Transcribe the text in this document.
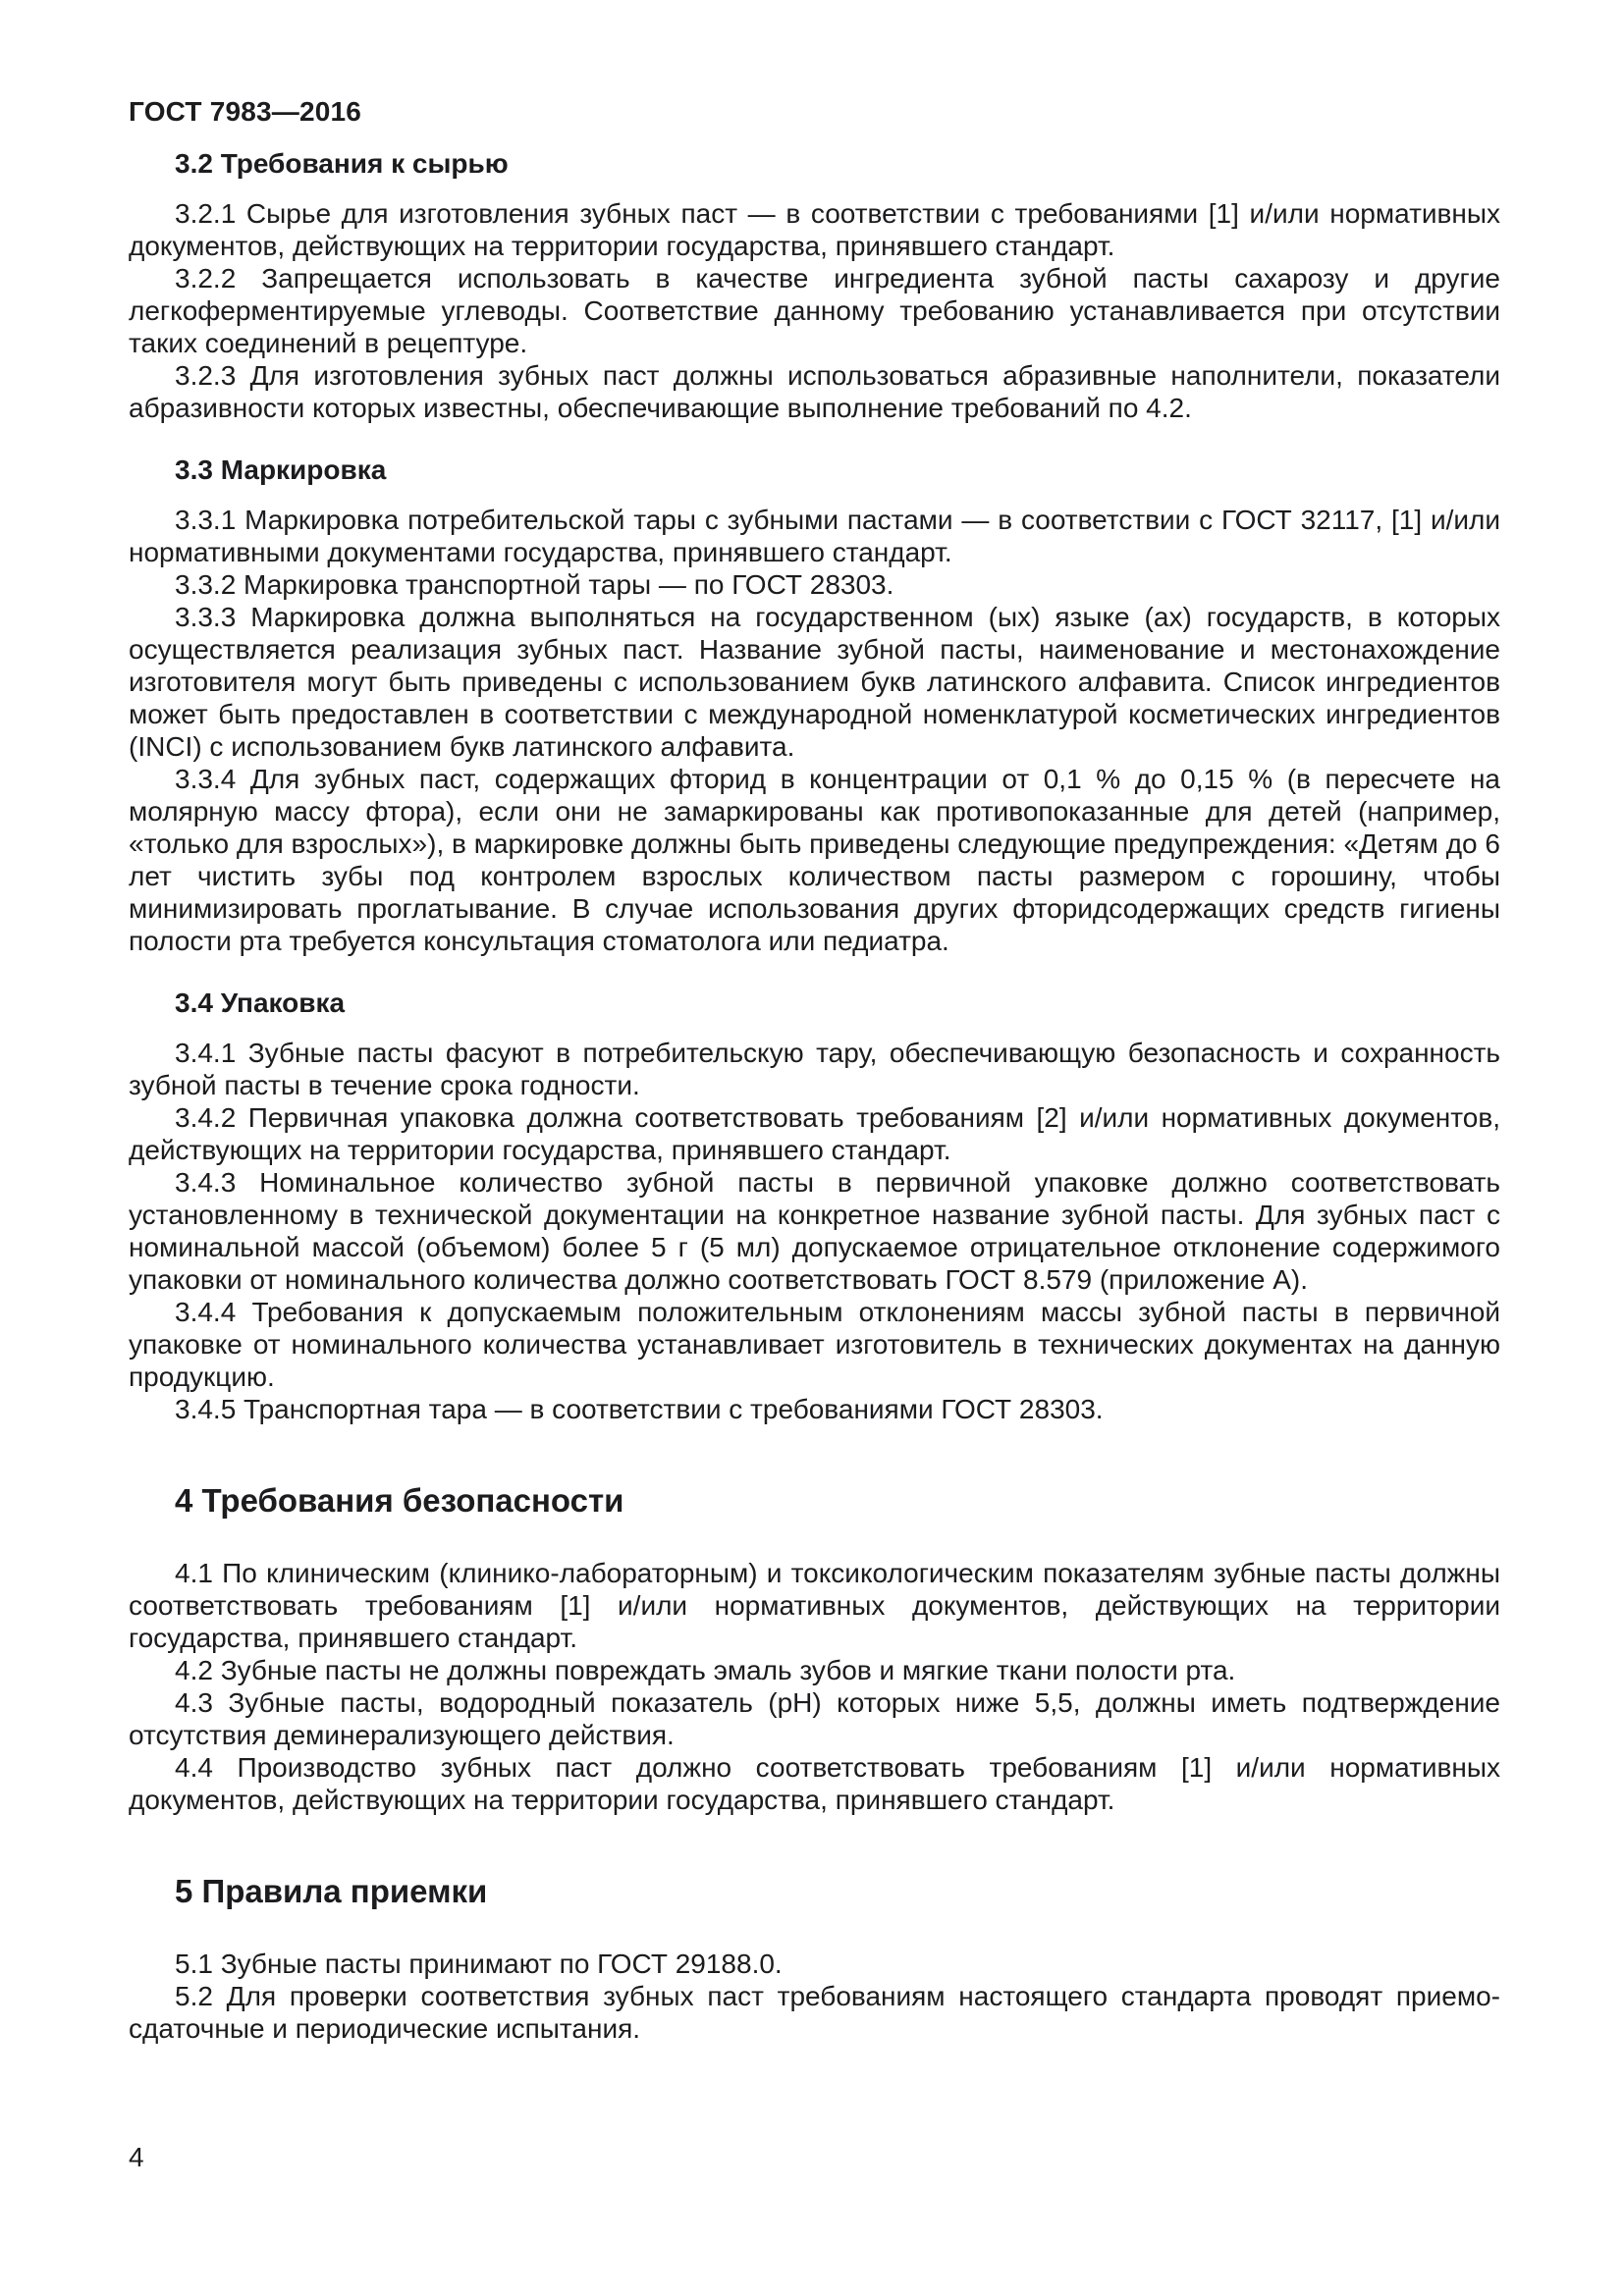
ГОСТ 7983—2016
3.2 Требования к сырью

3.2.1 Сырье для изготовления зубных паст — в соответствии с требованиями [1] и/или нормативных документов, действующих на территории государства, принявшего стандарт.

3.2.2 Запрещается использовать в качестве ингредиента зубной пасты сахарозу и другие легкоферментируемые углеводы. Соответствие данному требованию устанавливается при отсутствии таких соединений в рецептуре.

3.2.3 Для изготовления зубных паст должны использоваться абразивные наполнители, показатели абразивности которых известны, обеспечивающие выполнение требований по 4.2.

3.3 Маркировка

3.3.1 Маркировка потребительской тары с зубными пастами — в соответствии с ГОСТ 32117, [1] и/или нормативными документами государства, принявшего стандарт.

3.3.2 Маркировка транспортной тары — по ГОСТ 28303.

3.3.3 Маркировка должна выполняться на государственном (ых) языке (ах) государств, в которых осуществляется реализация зубных паст. Название зубной пасты, наименование и местонахождение изготовителя могут быть приведены с использованием букв латинского алфавита. Список ингредиентов может быть предоставлен в соответствии с международной номенклатурой косметических ингредиентов (INCI) с использованием букв латинского алфавита.

3.3.4 Для зубных паст, содержащих фторид в концентрации от 0,1 % до 0,15 % (в пересчете на молярную массу фтора), если они не замаркированы как противопоказанные для детей (например, «только для взрослых»), в маркировке должны быть приведены следующие предупреждения: «Детям до 6 лет чистить зубы под контролем взрослых количеством пасты размером с горошину, чтобы минимизировать проглатывание. В случае использования других фторидсодержащих средств гигиены полости рта требуется консультация стоматолога или педиатра.

3.4 Упаковка

3.4.1 Зубные пасты фасуют в потребительскую тару, обеспечивающую безопасность и сохранность зубной пасты в течение срока годности.

3.4.2 Первичная упаковка должна соответствовать требованиям [2] и/или нормативных документов, действующих на территории государства, принявшего стандарт.

3.4.3 Номинальное количество зубной пасты в первичной упаковке должно соответствовать установленному в технической документации на конкретное название зубной пасты. Для зубных паст с номинальной массой (объемом) более 5 г (5 мл) допускаемое отрицательное отклонение содержимого упаковки от номинального количества должно соответствовать ГОСТ 8.579 (приложение А).

3.4.4 Требования к допускаемым положительным отклонениям массы зубной пасты в первичной упаковке от номинального количества устанавливает изготовитель в технических документах на данную продукцию.

3.4.5 Транспортная тара — в соответствии с требованиями ГОСТ 28303.

4 Требования безопасности

4.1 По клиническим (клинико-лабораторным) и токсикологическим показателям зубные пасты должны соответствовать требованиям [1] и/или нормативных документов, действующих на территории государства, принявшего стандарт.

4.2 Зубные пасты не должны повреждать эмаль зубов и мягкие ткани полости рта.

4.3 Зубные пасты, водородный показатель (pH) которых ниже 5,5, должны иметь подтверждение отсутствия деминерализующего действия.

4.4 Производство зубных паст должно соответствовать требованиям [1] и/или нормативных документов, действующих на территории государства, принявшего стандарт.

5 Правила приемки

5.1 Зубные пасты принимают по ГОСТ 29188.0.

5.2 Для проверки соответствия зубных паст требованиям настоящего стандарта проводят приемо-сдаточные и периодические испытания.

4
